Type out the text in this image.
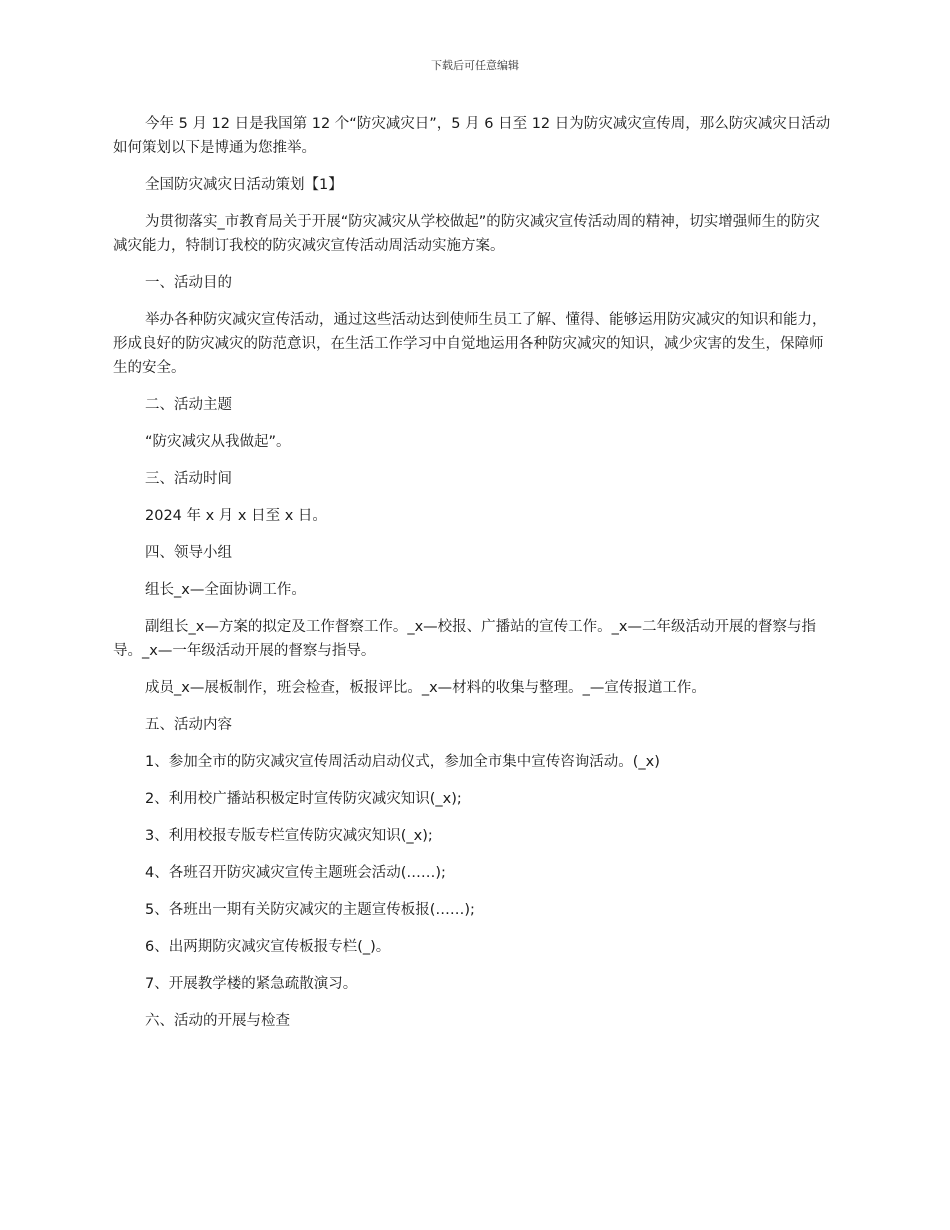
下载后可任意编辑

今年 5 月 12 日是我国第 12 个“防灾减灾日”，5 月 6 日至 12 日为防灾减灾宣传周，那么防灾减灾日活动如何策划以下是博通为您推举。

全国防灾减灾日活动策划【1】

为贯彻落实_市教育局关于开展“防灾减灾从学校做起”的防灾减灾宣传活动周的精神，切实增强师生的防灾减灾能力，特制订我校的防灾减灾宣传活动周活动实施方案。

一、活动目的

举办各种防灾减灾宣传活动，通过这些活动达到使师生员工了解、懂得、能够运用防灾减灾的知识和能力，形成良好的防灾减灾的防范意识，在生活工作学习中自觉地运用各种防灾减灾的知识，减少灾害的发生，保障师生的安全。

二、活动主题

“防灾减灾从我做起”。

三、活动时间

2024 年 x 月 x 日至 x 日。

四、领导小组

组长_x—全面协调工作。

副组长_x—方案的拟定及工作督察工作。_x—校报、广播站的宣传工作。_x—二年级活动开展的督察与指导。_x—一年级活动开展的督察与指导。

成员_x—展板制作，班会检查，板报评比。_x—材料的收集与整理。_—宣传报道工作。

五、活动内容

1、参加全市的防灾减灾宣传周活动启动仪式，参加全市集中宣传咨询活动。(_x)

2、利用校广播站积极定时宣传防灾减灾知识(_x);

3、利用校报专版专栏宣传防灾减灾知识(_x);

4、各班召开防灾减灾宣传主题班会活动(……);

5、各班出一期有关防灾减灾的主题宣传板报(……);

6、出两期防灾减灾宣传板报专栏(_)。

7、开展教学楼的紧急疏散演习。

六、活动的开展与检查
